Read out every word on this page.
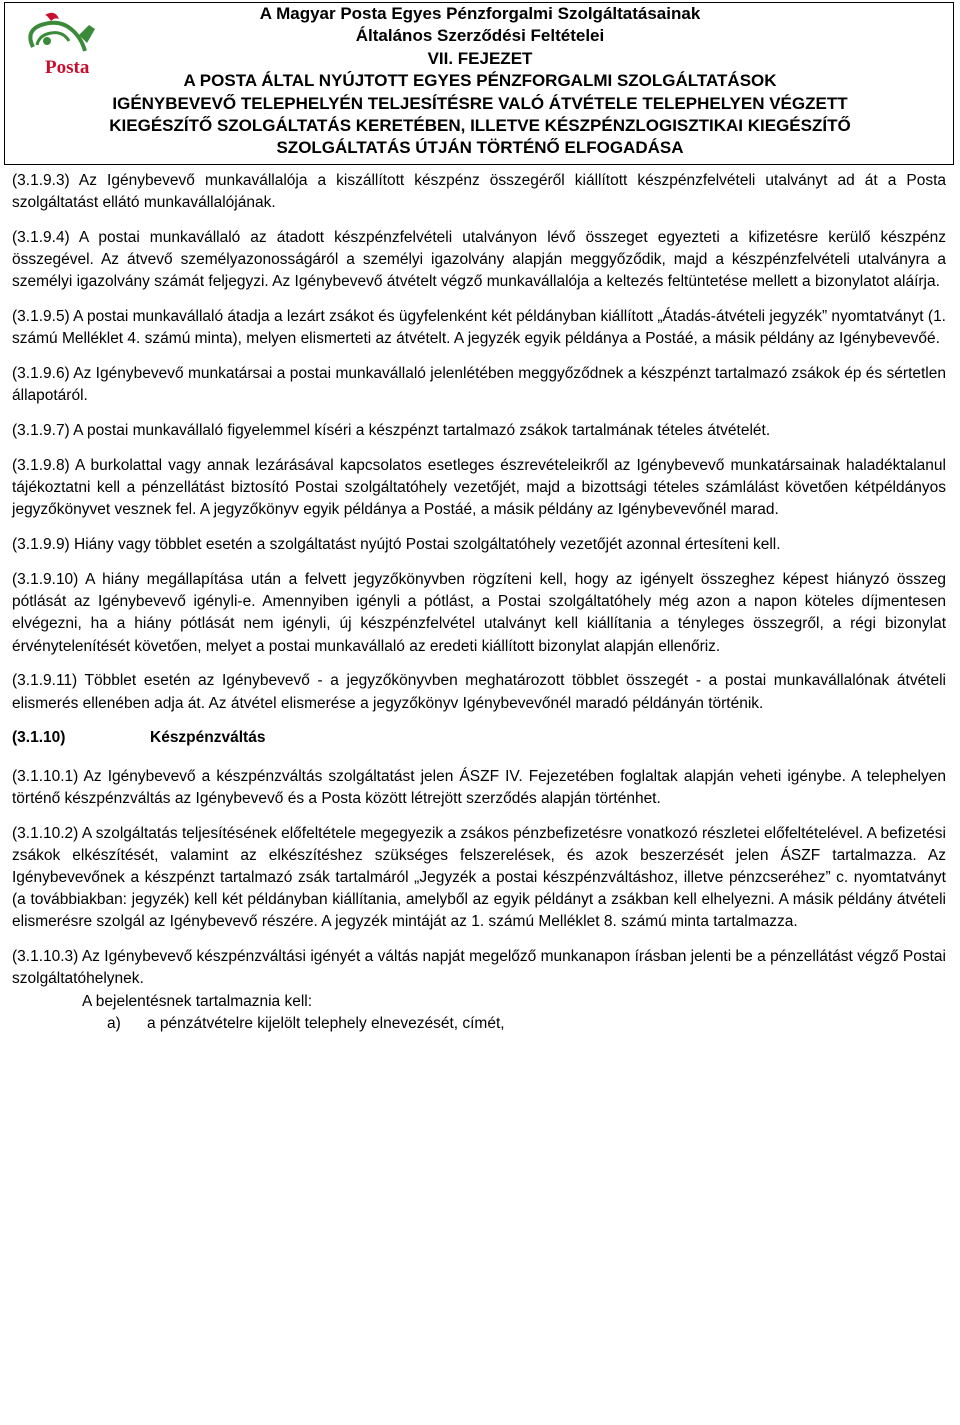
Posta
A Magyar Posta Egyes Pénzforgalmi Szolgáltatásainak
Általános Szerződési Feltételei
VII. FEJEZET
A POSTA ÁLTAL NYÚJTOTT EGYES PÉNZFORGALMI SZOLGÁLTATÁSOK
IGÉNYBEVEVŐ TELEPHELYÉN TELJESÍTÉSRE VALÓ ÁTVÉTELE TELEPHELYEN VÉGZETT
KIEGÉSZÍTŐ SZOLGÁLTATÁS KERETÉBEN, ILLETVE KÉSZPÉNZLOGISZTIKAI KIEGÉSZÍTŐ
SZOLGÁLTATÁS ÚTJÁN TÖRTÉNŐ ELFOGADÁSA

(3.1.9.3) Az Igénybevevő munkavállalója a kiszállított készpénz összegéről kiállított készpénzfelvételi utalványt ad át a Posta szolgáltatást ellátó munkavállalójának.

(3.1.9.4) A postai munkavállaló az átadott készpénzfelvételi utalványon lévő összeget egyezteti a kifizetésre kerülő készpénz összegével. Az átvevő személyazonosságáról a személyi igazolvány alapján meggyőződik, majd a készpénzfelvételi utalványra a személyi igazolvány számát feljegyzi. Az Igénybevevő átvételt végző munkavállalója a keltezés feltüntetése mellett a bizonylatot aláírja.

(3.1.9.5) A postai munkavállaló átadja a lezárt zsákot és ügyfelenként két példányban kiállított „Átadás-átvételi jegyzék” nyomtatványt (1. számú Melléklet 4. számú minta), melyen elismerteti az átvételt. A jegyzék egyik példánya a Postáé, a másik példány az Igénybevevőé.

(3.1.9.6) Az Igénybevevő munkatársai a postai munkavállaló jelenlétében meggyőződnek a készpénzt tartalmazó zsákok ép és sértetlen állapotáról.

(3.1.9.7) A postai munkavállaló figyelemmel kíséri a készpénzt tartalmazó zsákok tartalmának tételes átvételét.

(3.1.9.8) A burkolattal vagy annak lezárásával kapcsolatos esetleges észrevételeikről az Igénybevevő munkatársainak haladéktalanul tájékoztatni kell a pénzellátást biztosító Postai szolgáltatóhely vezetőjét, majd a bizottsági tételes számlálást követően kétpéldányos jegyzőkönyvet vesznek fel. A jegyzőkönyv egyik példánya a Postáé, a másik példány az Igénybevevőnél marad.

(3.1.9.9) Hiány vagy többlet esetén a szolgáltatást nyújtó Postai szolgáltatóhely vezetőjét azonnal értesíteni kell.

(3.1.9.10) A hiány megállapítása után a felvett jegyzőkönyvben rögzíteni kell, hogy az igényelt összeghez képest hiányzó összeg pótlását az Igénybevevő igényli-e. Amennyiben igényli a pótlást, a Postai szolgáltatóhely még azon a napon köteles díjmentesen elvégezni, ha a hiány pótlását nem igényli, új készpénzfelvétel utalványt kell kiállítania a tényleges összegről, a régi bizonylat érvénytelenítését követően, melyet a postai munkavállaló az eredeti kiállított bizonylat alapján ellenőriz.

(3.1.9.11) Többlet esetén az Igénybevevő - a jegyzőkönyvben meghatározott többlet összegét - a postai munkavállalónak átvételi elismerés ellenében adja át. Az átvétel elismerése a jegyzőkönyv Igénybevevőnél maradó példányán történik.

(3.1.10)	Készpénzváltás

(3.1.10.1) Az Igénybevevő a készpénzváltás szolgáltatást jelen ÁSZF IV. Fejezetében foglaltak alapján veheti igénybe. A telephelyen történő készpénzváltás az Igénybevevő és a Posta között létrejött szerződés alapján történhet.

(3.1.10.2) A szolgáltatás teljesítésének előfeltétele megegyezik a zsákos pénzbefizetésre vonatkozó részletei előfeltételével. A befizetési zsákok elkészítését, valamint az elkészítéshez szükséges felszerelések, és azok beszerzését jelen ÁSZF tartalmazza. Az Igénybevevőnek a készpénzt tartalmazó zsák tartalmáról „Jegyzék a postai készpénzváltáshoz, illetve pénzcseréhez” c. nyomtatványt (a továbbiakban: jegyzék) kell két példányban kiállítania, amelyből az egyik példányt a zsákban kell elhelyezni. A másik példány átvételi elismerésre szolgál az Igénybevevő részére. A jegyzék mintáját az 1. számú Melléklet 8. számú minta tartalmazza.

(3.1.10.3) Az Igénybevevő készpénzváltási igényét a váltás napját megelőző munkanapon írásban jelenti be a pénzellátást végző Postai szolgáltatóhelynek.

A bejelentésnek tartalmaznia kell:
a) a pénzátvételre kijelölt telephely elnevezését, címét,
